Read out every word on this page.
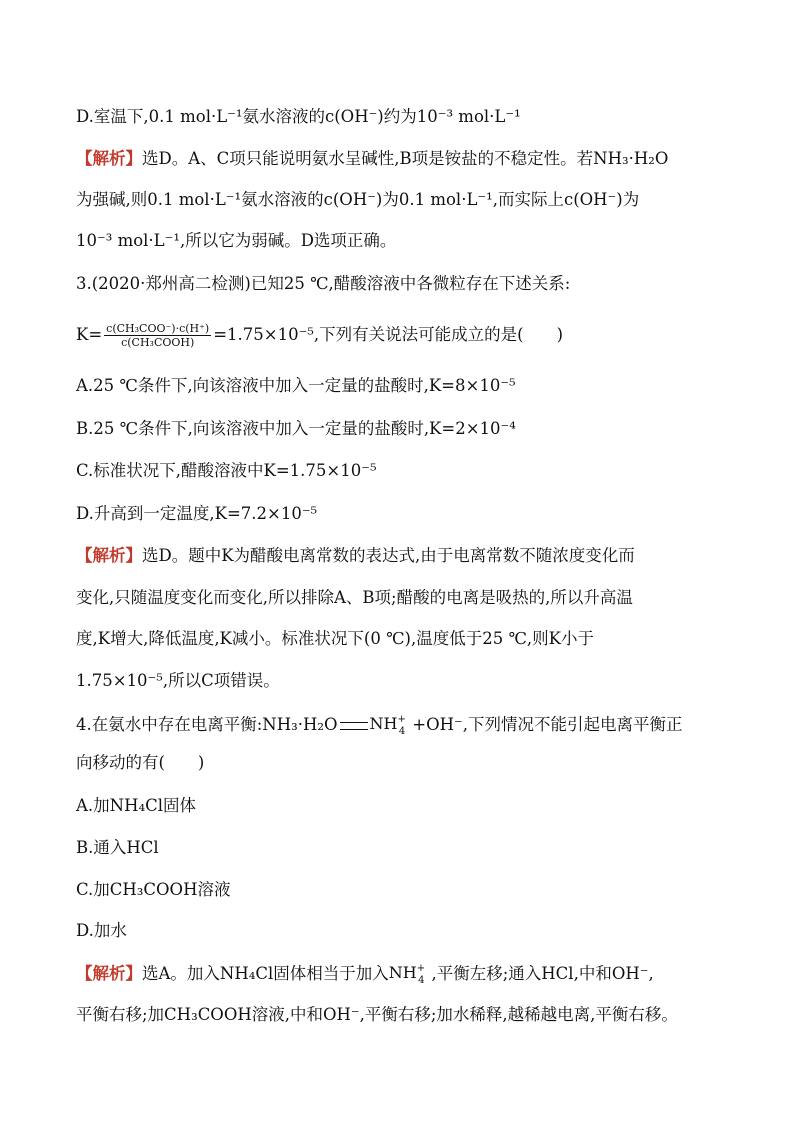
D.室温下,0.1 mol·L⁻¹氨水溶液的c(OH⁻)约为10⁻³ mol·L⁻¹
【解析】选D。A、C项只能说明氨水呈碱性,B项是铵盐的不稳定性。若NH₃·H₂O
为强碱,则0.1 mol·L⁻¹氨水溶液的c(OH⁻)为0.1 mol·L⁻¹,而实际上c(OH⁻)为
10⁻³ mol·L⁻¹,所以它为弱碱。D选项正确。
3.(2020·郑州高二检测)已知25 ℃,醋酸溶液中各微粒存在下述关系:
$K= \frac{\text{c(CH₃COO⁻)·c(H⁺)}}{\text{c(CH₃COOH)}} =1.75\times 10^{-5}$,下列有关说法可能成立的是(　　)
A.25 ℃条件下,向该溶液中加入一定量的盐酸时,K=8×10⁻⁵
B.25 ℃条件下,向该溶液中加入一定量的盐酸时,K=2×10⁻⁴
C.标准状况下,醋酸溶液中K=1.75×10⁻⁵
D.升高到一定温度,K=7.2×10⁻⁵
【解析】选D。题中K为醋酸电离常数的表达式,由于电离常数不随浓度变化而
变化,只随温度变化而变化,所以排除A、B项;醋酸的电离是吸热的,所以升高温
度,K增大,降低温度,K减小。标准状况下(0 ℃),温度低于25 ℃,则K小于
1.75×10⁻⁵,所以C项错误。
4.在氨水中存在电离平衡:NH₃·H₂O $NH^+_4 +OH^-$,下列情况不能引起电离平衡正
向移动的有(　　)
A.加NH₄Cl固体
B.通入HCl
C.加CH₃COOH溶液
D.加水
【解析】选A。加入NH₄Cl固体相当于加入$NH^+_4$ ,平衡左移;通入HCl,中和OH⁻,
平衡右移;加CH₃COOH溶液,中和OH⁻,平衡右移;加水稀释,越稀越电离,平衡右移。
